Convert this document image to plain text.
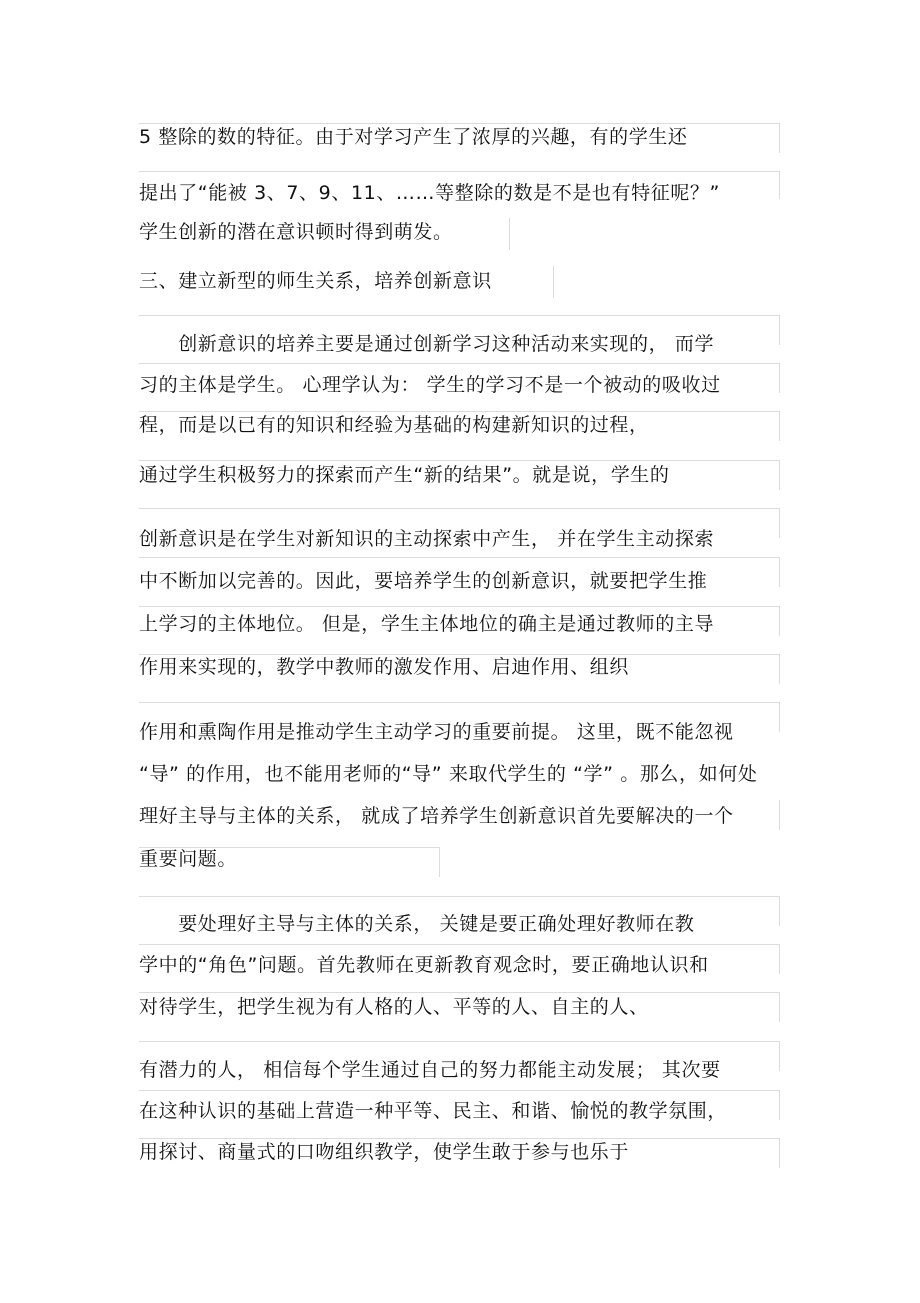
5 整除的数的特征。由于对学习产生了浓厚的兴趣，有的学生还
提出了“能被 3、7、9、11、……等整除的数是不是也有特征呢？”
学生创新的潜在意识顿时得到萌发。
三、建立新型的师生关系，培养创新意识
　　创新意识的培养主要是通过创新学习这种活动来实现的， 而学
习的主体是学生。 心理学认为： 学生的学习不是一个被动的吸收过
程，而是以已有的知识和经验为基础的构建新知识的过程，
通过学生积极努力的探索而产生“新的结果”。就是说，学生的
创新意识是在学生对新知识的主动探索中产生， 并在学生主动探索
中不断加以完善的。因此，要培养学生的创新意识，就要把学生推
上学习的主体地位。 但是，学生主体地位的确主是通过教师的主导
作用来实现的，教学中教师的激发作用、启迪作用、组织
作用和熏陶作用是推动学生主动学习的重要前提。 这里，既不能忽视
“导” 的作用，也不能用老师的“导” 来取代学生的 “学” 。那么，如何处
理好主导与主体的关系， 就成了培养学生创新意识首先要解决的一个
重要问题。
　　要处理好主导与主体的关系， 关键是要正确处理好教师在教
学中的“角色”问题。首先教师在更新教育观念时，要正确地认识和
对待学生，把学生视为有人格的人、平等的人、自主的人、
有潜力的人， 相信每个学生通过自己的努力都能主动发展； 其次要
在这种认识的基础上营造一种平等、民主、和谐、愉悦的教学氛围，
用探讨、商量式的口吻组织教学，使学生敢于参与也乐于
